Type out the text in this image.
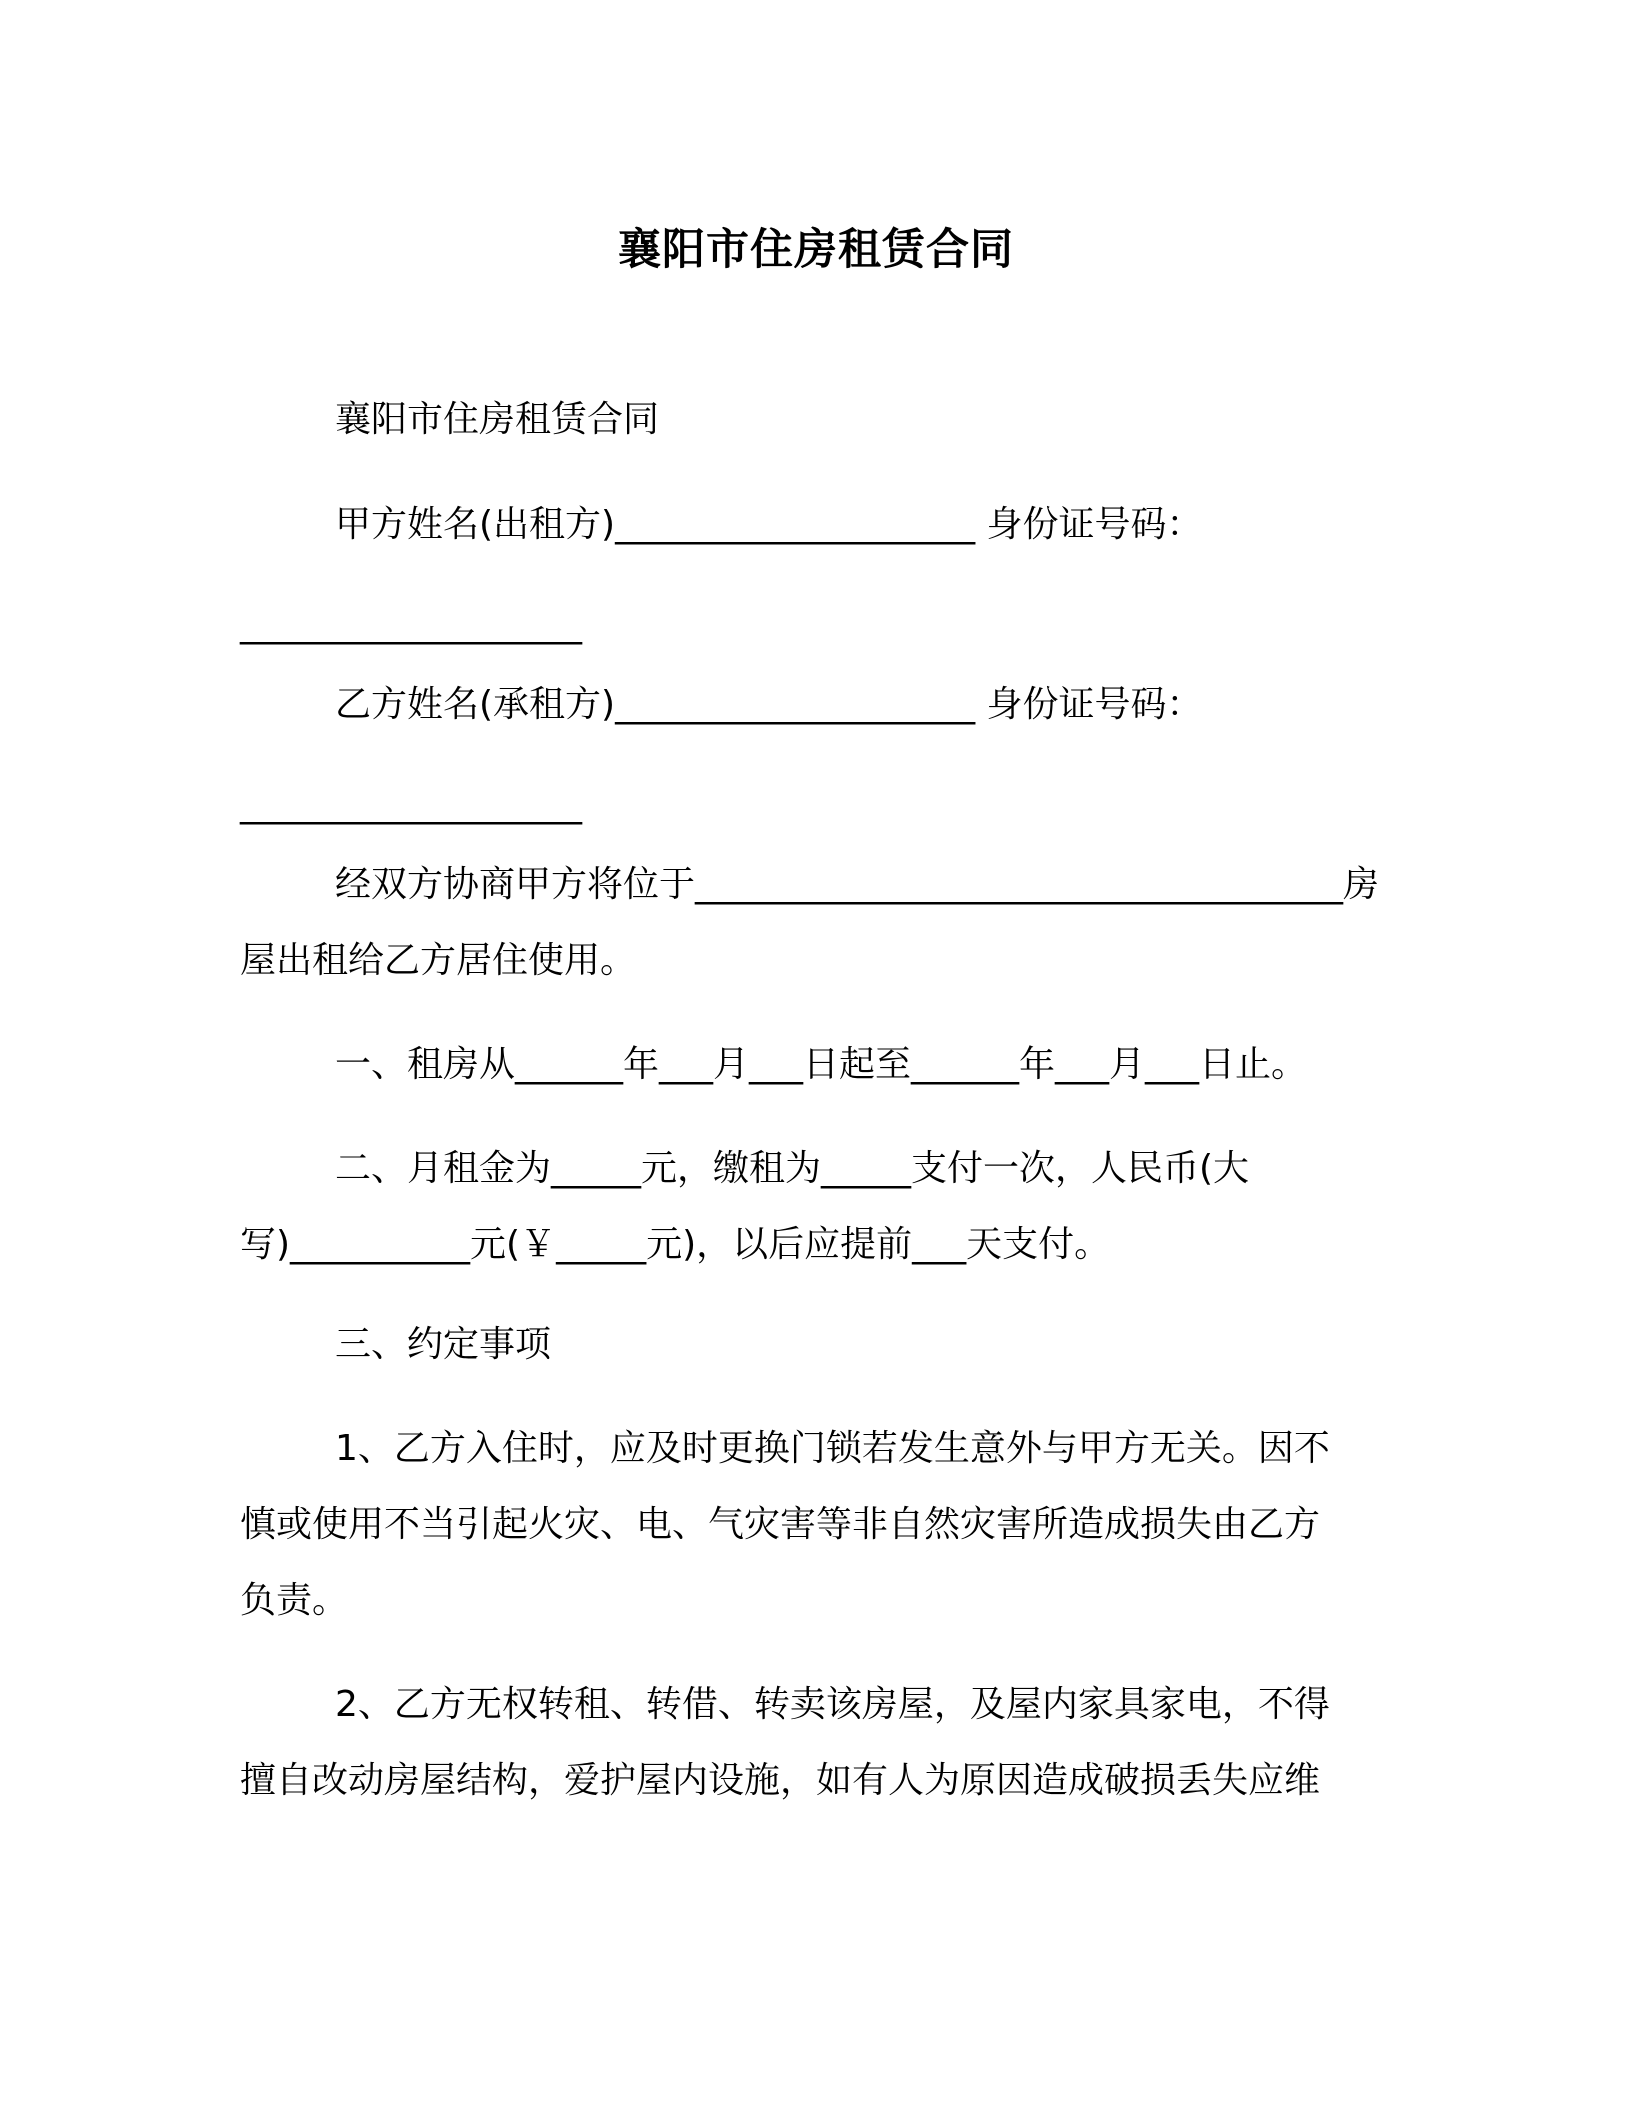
襄阳市住房租赁合同
襄阳市住房租赁合同
甲方姓名(出租方)____________________ 身份证号码：
___________________
乙方姓名(承租方)____________________ 身份证号码：
___________________
经双方协商甲方将位于____________________________________房
屋出租给乙方居住使用。
一、租房从______年___月___日起至______年___月___日止。
二、月租金为_____元，缴租为_____支付一次，人民币(大
写)__________元(￥_____元)，以后应提前___天支付。
三、约定事项
1、乙方入住时，应及时更换门锁若发生意外与甲方无关。因不
慎或使用不当引起火灾、电、气灾害等非自然灾害所造成损失由乙方
负责。
2、乙方无权转租、转借、转卖该房屋，及屋内家具家电，不得
擅自改动房屋结构，爱护屋内设施，如有人为原因造成破损丢失应维
